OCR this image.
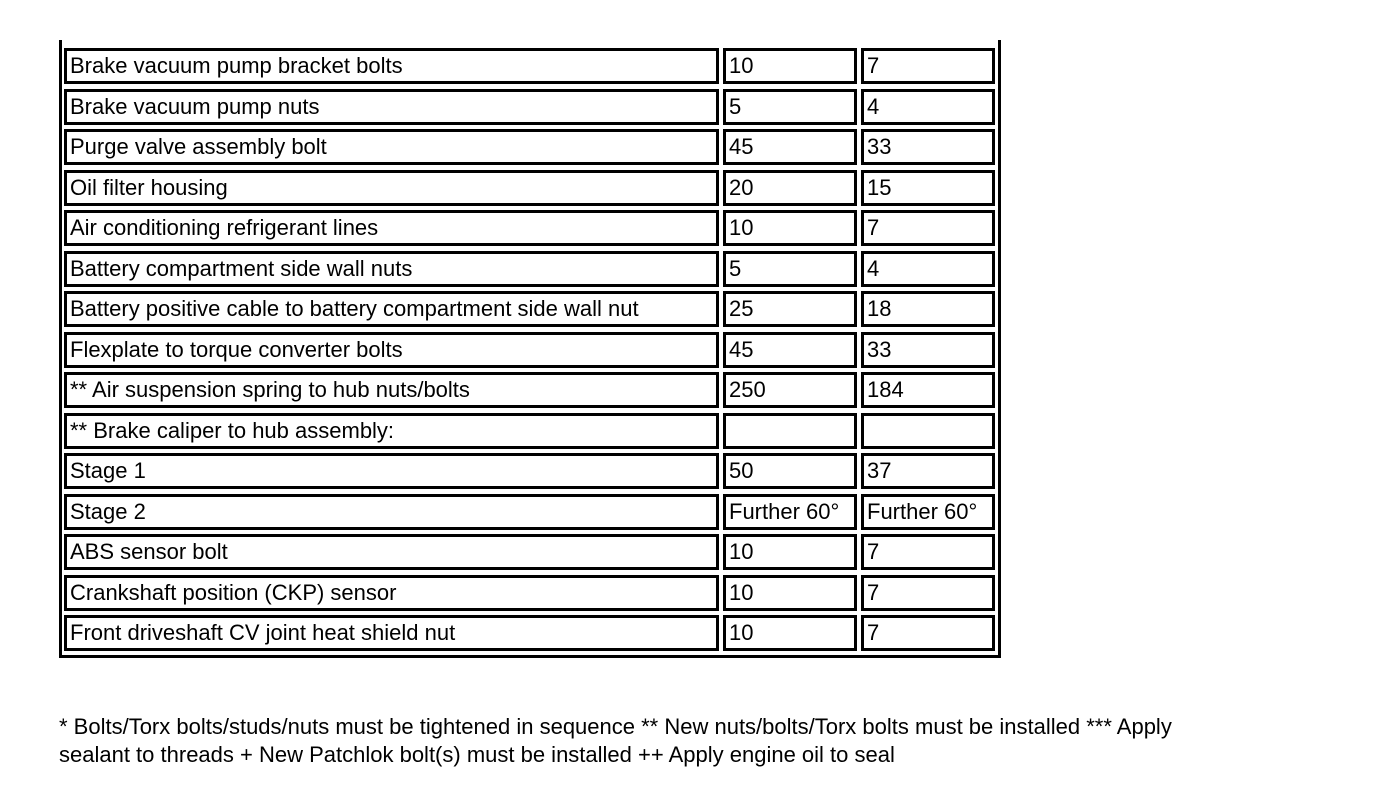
Brake vacuum pump bracket bolts	10	7

Brake vacuum pump nuts	5	4

Purge valve assembly bolt	45	33

Oil filter housing	20	15

Air conditioning refrigerant lines	10	7

Battery compartment side wall nuts	5	4

Battery positive cable to battery compartment side wall nut	25	18

Flexplate to torque converter bolts	45	33

** Air suspension spring to hub nuts/bolts	250	184

** Brake caliper to hub assembly:		

Stage 1	50	37

Stage 2	Further 60°	Further 60°

ABS sensor bolt	10	7

Crankshaft position (CKP) sensor	10	7

Front driveshaft CV joint heat shield nut	10	7
* Bolts/Torx bolts/studs/nuts must be tightened in sequence ** New nuts/bolts/Torx bolts must be installed *** Apply
sealant to threads + New Patchlok bolt(s) must be installed ++ Apply engine oil to seal
